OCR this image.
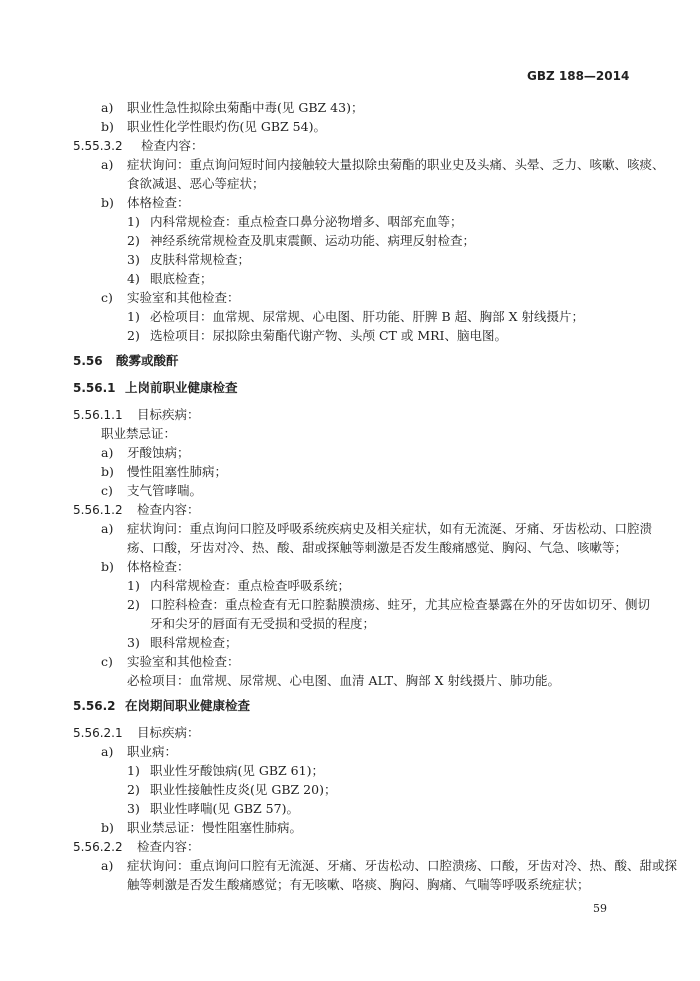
GBZ 188—2014
a) 职业性急性拟除虫菊酯中毒(见 GBZ 43)；
b) 职业性化学性眼灼伤(见 GBZ 54)。
5.55.3.2 检查内容：
a) 症状询问：重点询问短时间内接触较大量拟除虫菊酯的职业史及头痛、头晕、乏力、咳嗽、咳痰、
食欲减退、恶心等症状；
b) 体格检查：
1) 内科常规检查：重点检查口鼻分泌物增多、咽部充血等；
2) 神经系统常规检查及肌束震颤、运动功能、病理反射检查；
3) 皮肤科常规检查；
4) 眼底检查；
c) 实验室和其他检查：
1) 必检项目：血常规、尿常规、心电图、肝功能、肝脾 B 超、胸部 X 射线摄片；
2) 选检项目：尿拟除虫菊酯代谢产物、头颅 CT 或 MRI、脑电图。
5.56 酸雾或酸酐
5.56.1 上岗前职业健康检查
5.56.1.1 目标疾病：
职业禁忌证：
a) 牙酸蚀病；
b) 慢性阻塞性肺病；
c) 支气管哮喘。
5.56.1.2 检查内容：
a) 症状询问：重点询问口腔及呼吸系统疾病史及相关症状，如有无流涎、牙痛、牙齿松动、口腔溃
疡、口酸，牙齿对冷、热、酸、甜或探触等刺激是否发生酸痛感觉、胸闷、气急、咳嗽等；
b) 体格检查：
1) 内科常规检查：重点检查呼吸系统；
2) 口腔科检查：重点检查有无口腔黏膜溃疡、蛀牙，尤其应检查暴露在外的牙齿如切牙、侧切
牙和尖牙的唇面有无受损和受损的程度；
3) 眼科常规检查；
c) 实验室和其他检查：
必检项目：血常规、尿常规、心电图、血清 ALT、胸部 X 射线摄片、肺功能。
5.56.2 在岗期间职业健康检查
5.56.2.1 目标疾病：
a) 职业病：
1) 职业性牙酸蚀病(见 GBZ 61)；
2) 职业性接触性皮炎(见 GBZ 20)；
3) 职业性哮喘(见 GBZ 57)。
b) 职业禁忌证：慢性阻塞性肺病。
5.56.2.2 检查内容：
a) 症状询问：重点询问口腔有无流涎、牙痛、牙齿松动、口腔溃疡、口酸，牙齿对冷、热、酸、甜或探
触等刺激是否发生酸痛感觉；有无咳嗽、咯痰、胸闷、胸痛、气喘等呼吸系统症状；
59
